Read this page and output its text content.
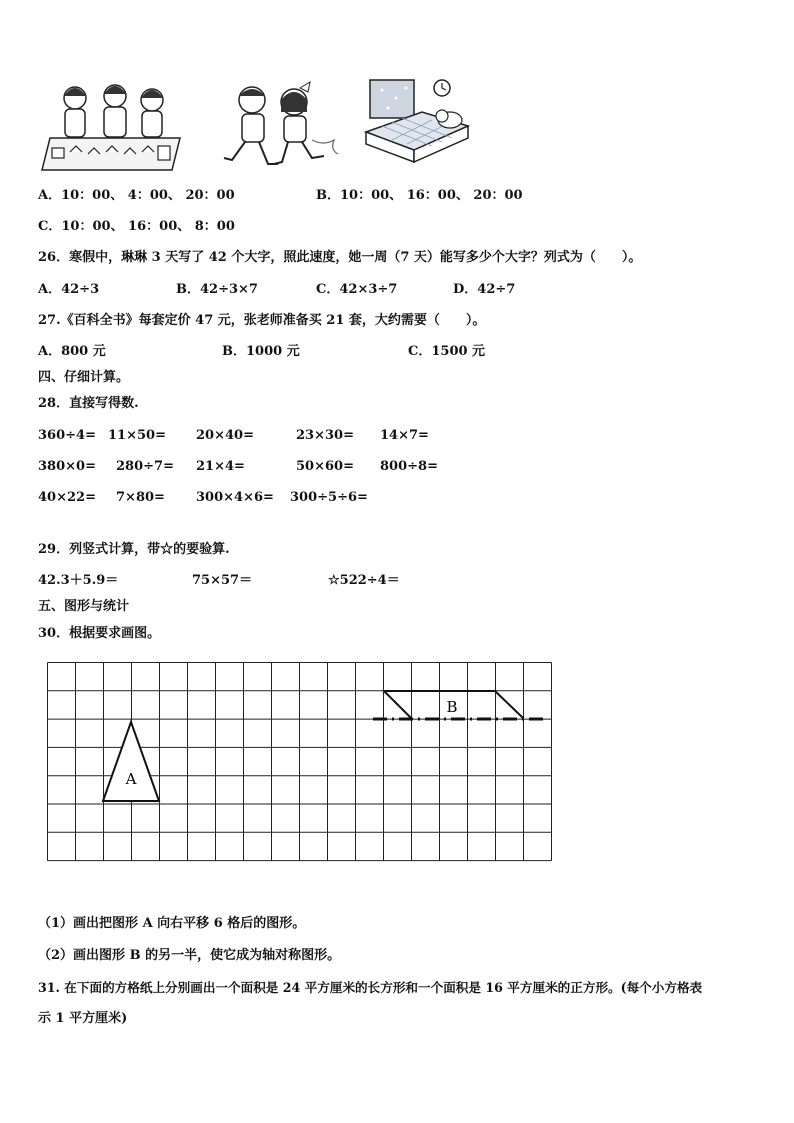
A．10：00、 4：00、 20：00	B．10：00、 16：00、 20：00
C．10：00、 16：00、 8：00
26．寒假中，琳琳 3 天写了 42 个大字，照此速度，她一周（7 天）能写多少个大字？列式为（　　）。
A．42÷3	B．42÷3×7	C．42×3÷7	D．42÷7
27.《百科全书》每套定价 47 元，张老师准备买 21 套，大约需要（　　）。
A．800 元	B．1000 元	C．1500 元
四、仔细计算。
28．直接写得数.
360÷4= 11×50= 20×40=	23×30= 14×7=
380×0= 280÷7= 21×4=	50×60= 800÷8=
40×22= 7×80= 300×4×6= 300÷5÷6=
29．列竖式计算，带☆的要验算.
42.3＋5.9＝	75×57＝	☆522÷4＝
五、图形与统计
30．根据要求画图。
A
B
（1）画出把图形 A 向右平移 6 格后的图形。
（2）画出图形 B 的另一半，使它成为轴对称图形。
31. 在下面的方格纸上分别画出一个面积是 24 平方厘米的长方形和一个面积是 16 平方厘米的正方形。(每个小方格表
示 1 平方厘米)
